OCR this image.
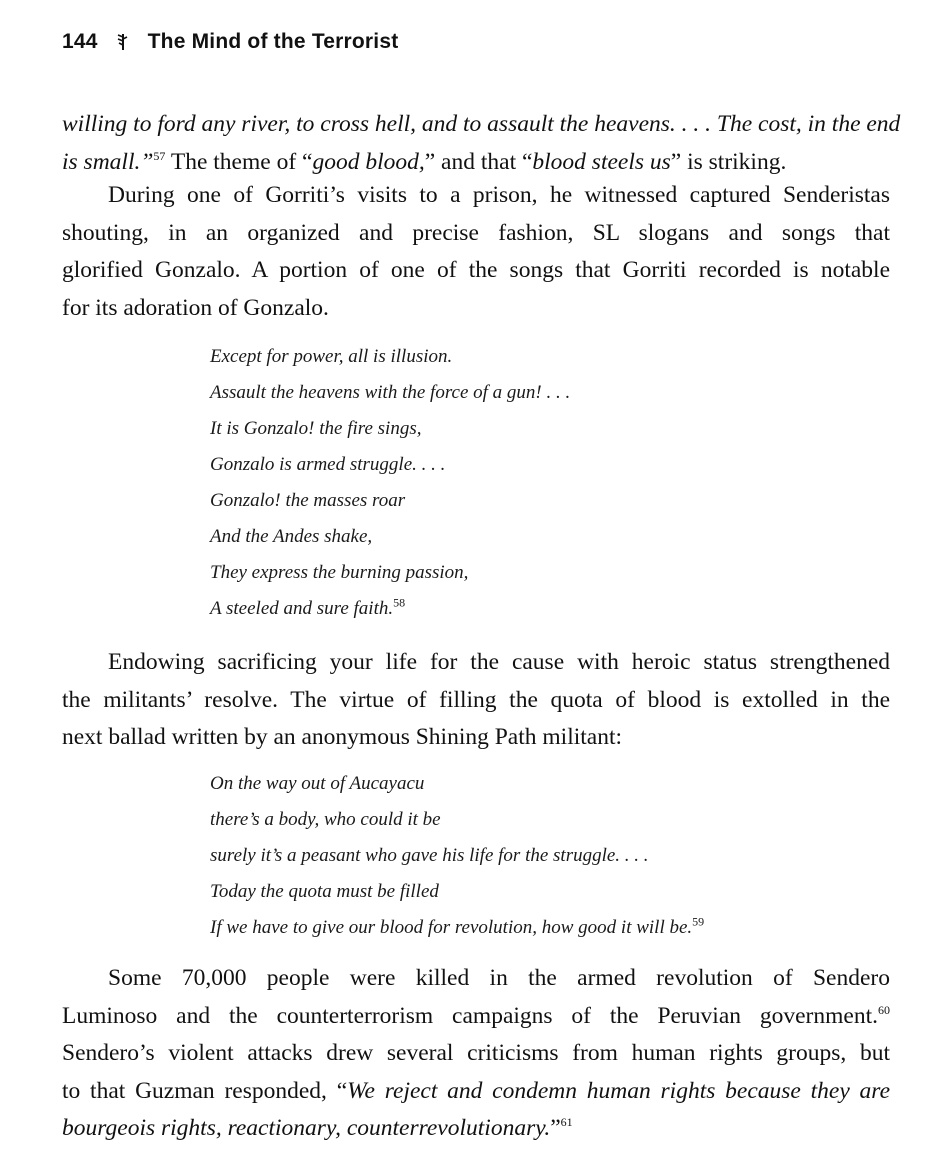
144 The Mind of the Terrorist
willing to ford any river, to cross hell, and to assault the heavens. . . . The cost, in the end
is small.”$^{57}$ The theme of “good blood,” and that “blood steels us” is striking.
During one of Gorriti’s visits to a prison, he witnessed captured Senderistas
shouting, in an organized and precise fashion, SL slogans and songs that
glorified Gonzalo. A portion of one of the songs that Gorriti recorded is notable
for its adoration of Gonzalo.
Except for power, all is illusion.
Assault the heavens with the force of a gun! . . .
It is Gonzalo! the fire sings,
Gonzalo is armed struggle. . . .
Gonzalo! the masses roar
And the Andes shake,
They express the burning passion,
A steeled and sure faith.$^{58}$
Endowing sacrificing your life for the cause with heroic status strengthened
the militants’ resolve. The virtue of filling the quota of blood is extolled in the
next ballad written by an anonymous Shining Path militant:
On the way out of Aucayacu
there’s a body, who could it be
surely it’s a peasant who gave his life for the struggle. . . .
Today the quota must be filled
If we have to give our blood for revolution, how good it will be.$^{59}$
Some 70,000 people were killed in the armed revolution of Sendero
Luminoso and the counterterrorism campaigns of the Peruvian government.$^{60}$
Sendero’s violent attacks drew several criticisms from human rights groups, but
to that Guzman responded, “We reject and condemn human rights because they are
bourgeois rights, reactionary, counterrevolutionary.”$^{61}$
